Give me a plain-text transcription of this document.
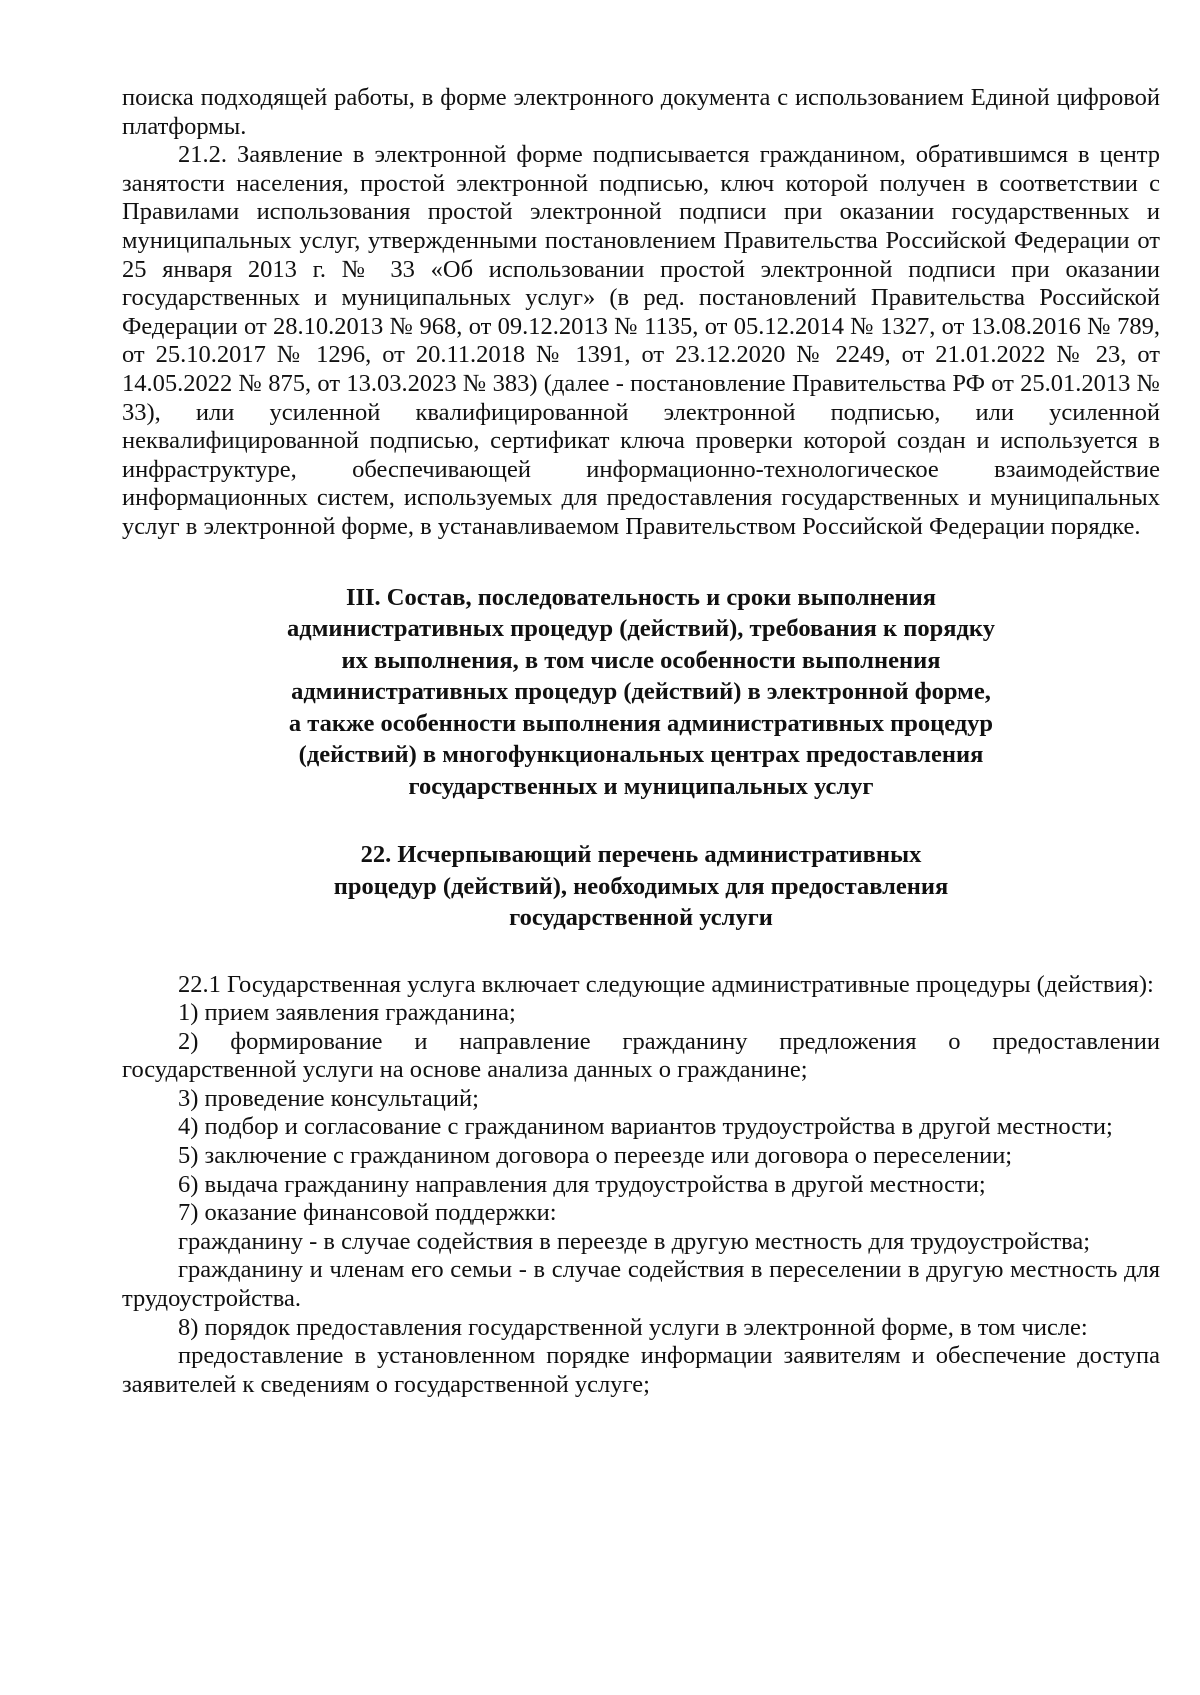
поиска подходящей работы, в форме электронного документа с использованием Единой цифровой платформы.

21.2. Заявление в электронной форме подписывается гражданином, обратившимся в центр занятости населения, простой электронной подписью, ключ которой получен в соответствии с Правилами использования простой электронной подписи при оказании государственных и муниципальных услуг, утвержденными постановлением Правительства Российской Федерации от 25 января 2013 г. № 33 «Об использовании простой электронной подписи при оказании государственных и муниципальных услуг» (в ред. постановлений Правительства Российской Федерации от 28.10.2013 № 968, от 09.12.2013 № 1135, от 05.12.2014 № 1327, от 13.08.2016 № 789, от 25.10.2017 № 1296, от 20.11.2018 № 1391, от 23.12.2020 № 2249, от 21.01.2022 № 23, от 14.05.2022 № 875, от 13.03.2023 № 383) (далее - постановление Правительства РФ от 25.01.2013 № 33), или усиленной квалифицированной электронной подписью, или усиленной неквалифицированной подписью, сертификат ключа проверки которой создан и используется в инфраструктуре, обеспечивающей информационно-технологическое взаимодействие информационных систем, используемых для предоставления государственных и муниципальных услуг в электронной форме, в устанавливаемом Правительством Российской Федерации порядке.

III. Состав, последовательность и сроки выполнения
административных процедур (действий), требования к порядку
их выполнения, в том числе особенности выполнения
административных процедур (действий) в электронной форме,
а также особенности выполнения административных процедур
(действий) в многофункциональных центрах предоставления
государственных и муниципальных услуг
22. Исчерпывающий перечень административных
процедур (действий), необходимых для предоставления
государственной услуги

22.1 Государственная услуга включает следующие административные процедуры (действия):

1) прием заявления гражданина;

2) формирование и направление гражданину предложения о предоставлении государственной услуги на основе анализа данных о гражданине;

3) проведение консультаций;

4) подбор и согласование с гражданином вариантов трудоустройства в другой местности;

5) заключение с гражданином договора о переезде или договора о переселении;

6) выдача гражданину направления для трудоустройства в другой местности;

7) оказание финансовой поддержки:

гражданину - в случае содействия в переезде в другую местность для трудоустройства;

гражданину и членам его семьи - в случае содействия в переселении в другую местность для трудоустройства.

8) порядок предоставления государственной услуги в электронной форме, в том числе:

предоставление в установленном порядке информации заявителям и обеспечение доступа заявителей к сведениям о государственной услуге;
